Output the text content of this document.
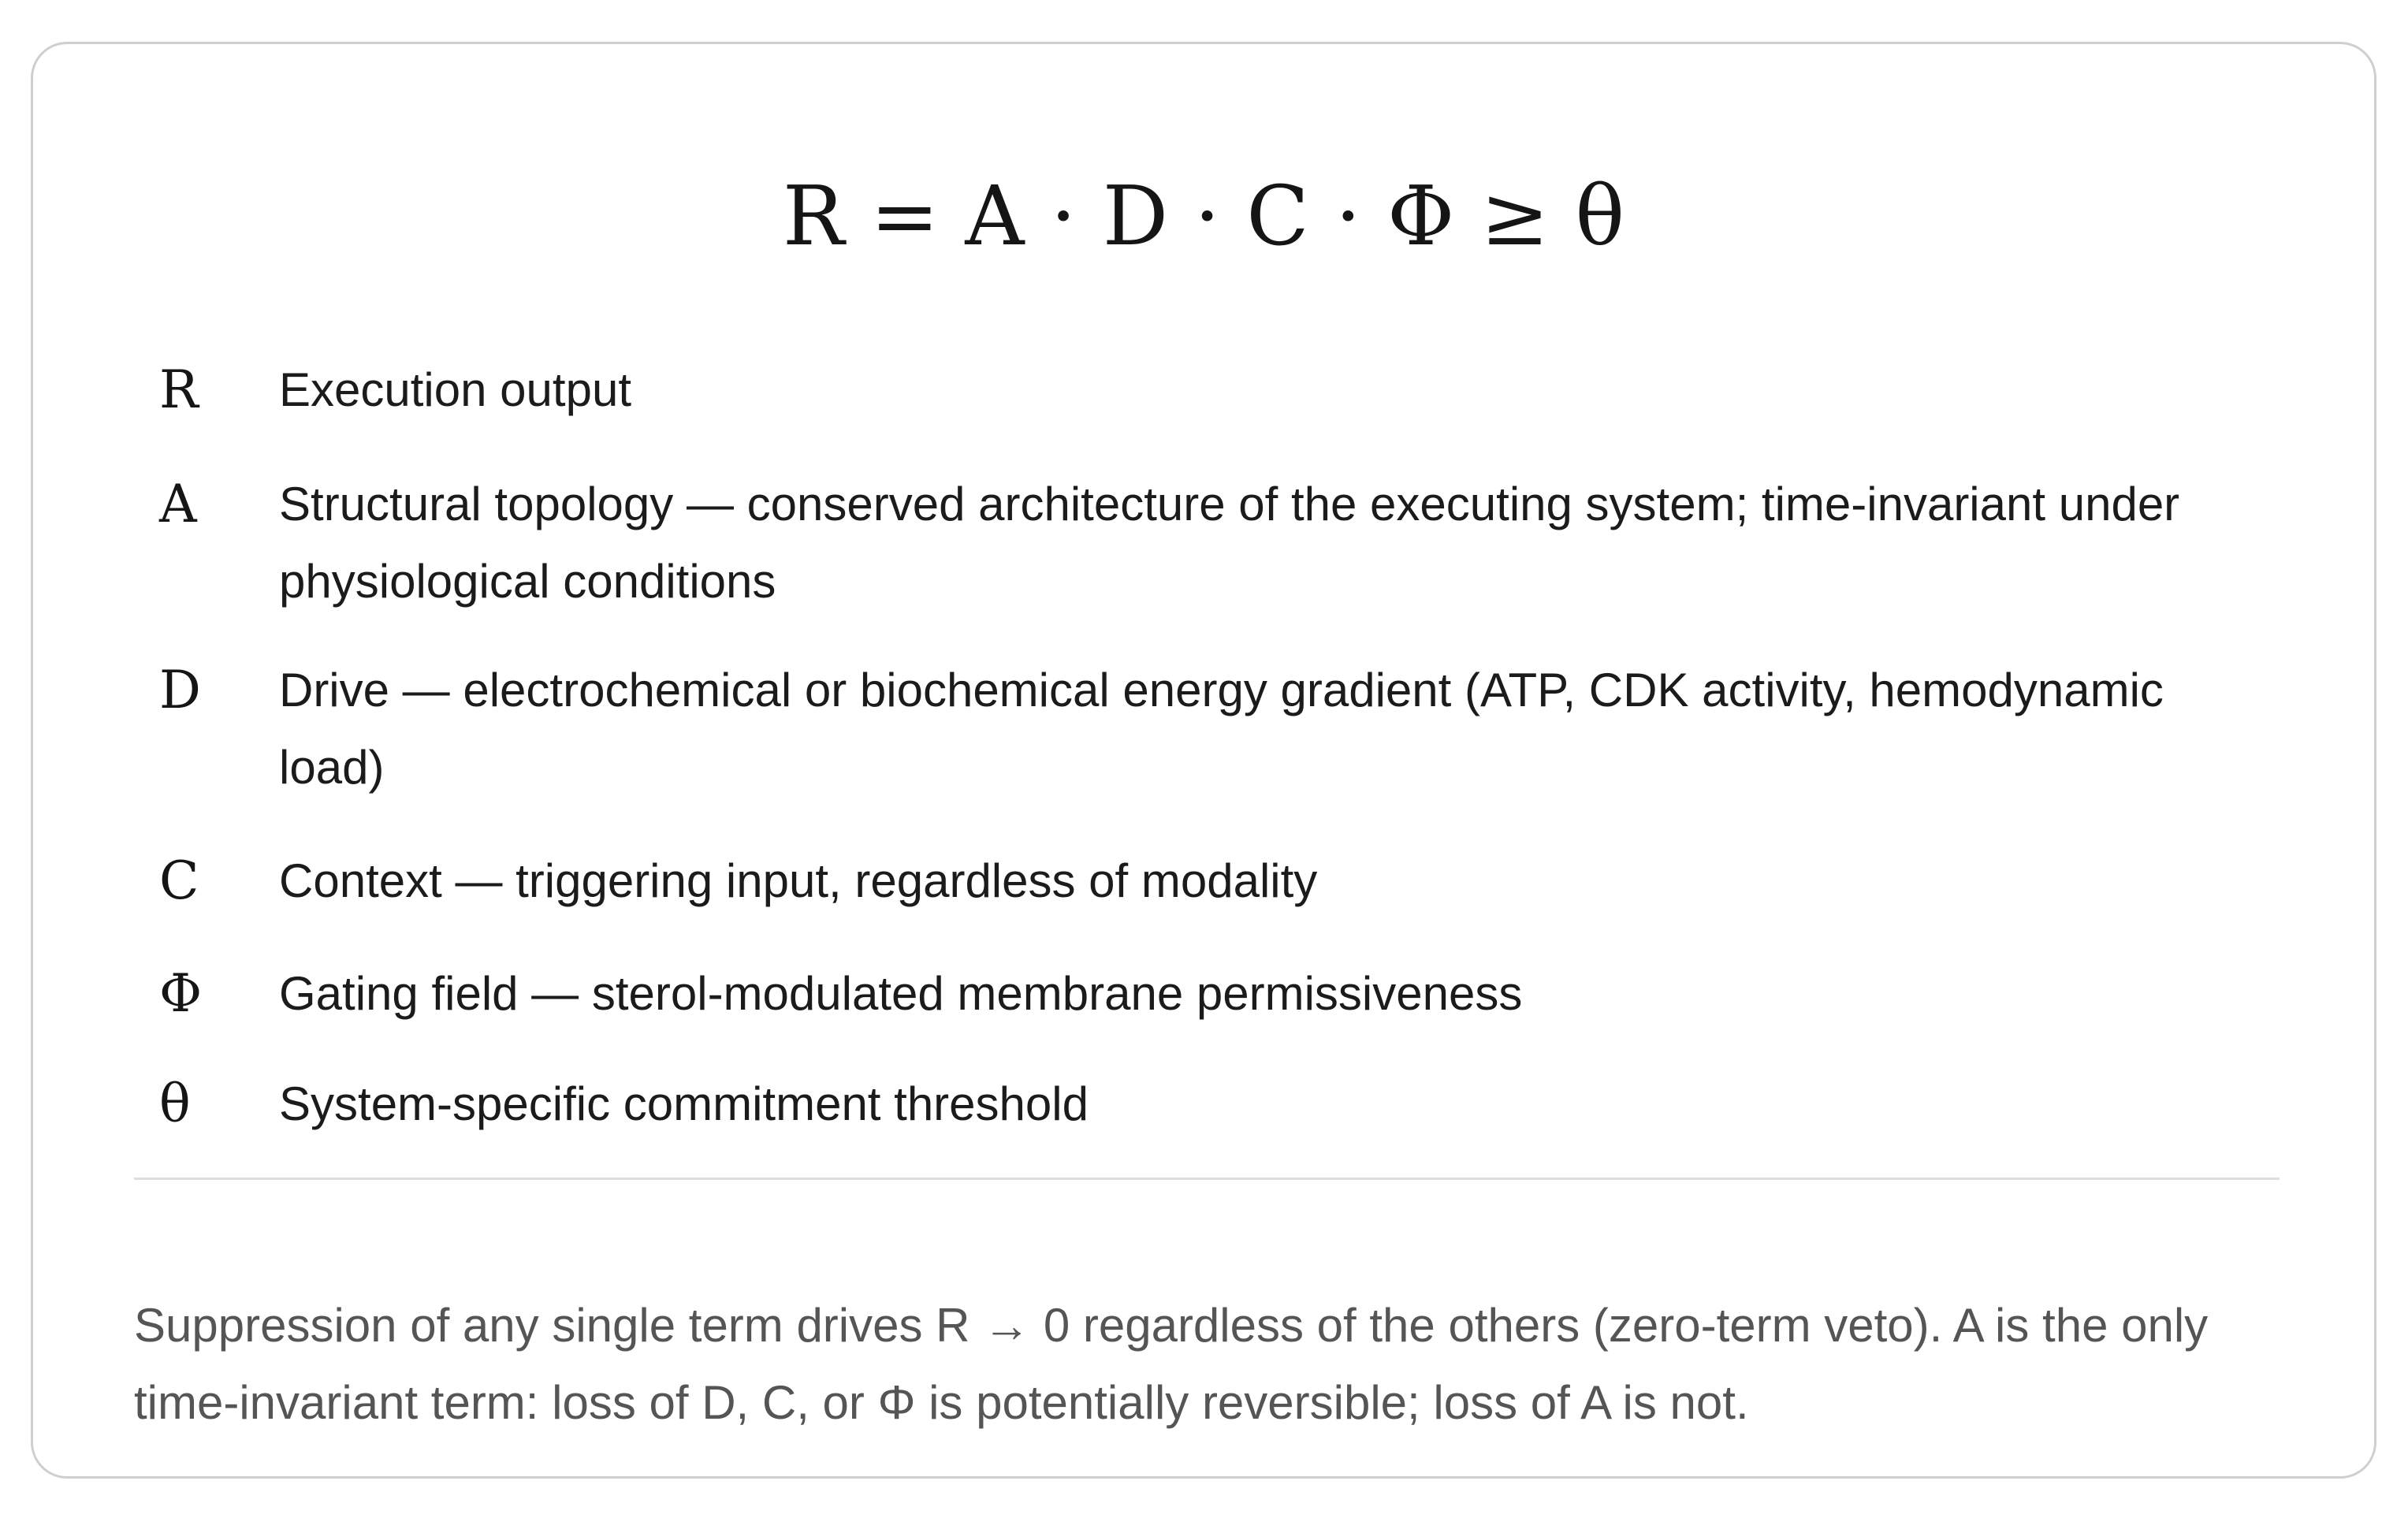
R = A · D · C · Φ ≥ θ
R	Execution output
A	Structural topology — conserved architecture of the executing system; time-invariant under physiological conditions
D	Drive — electrochemical or biochemical energy gradient (ATP, CDK activity, hemodynamic load)
C	Context — triggering input, regardless of modality
Φ	Gating field — sterol-modulated membrane permissiveness
θ	System-specific commitment threshold
Suppression of any single term drives R → 0 regardless of the others (zero-term veto). A is the only time-invariant term: loss of D, C, or Φ is potentially reversible; loss of A is not.
